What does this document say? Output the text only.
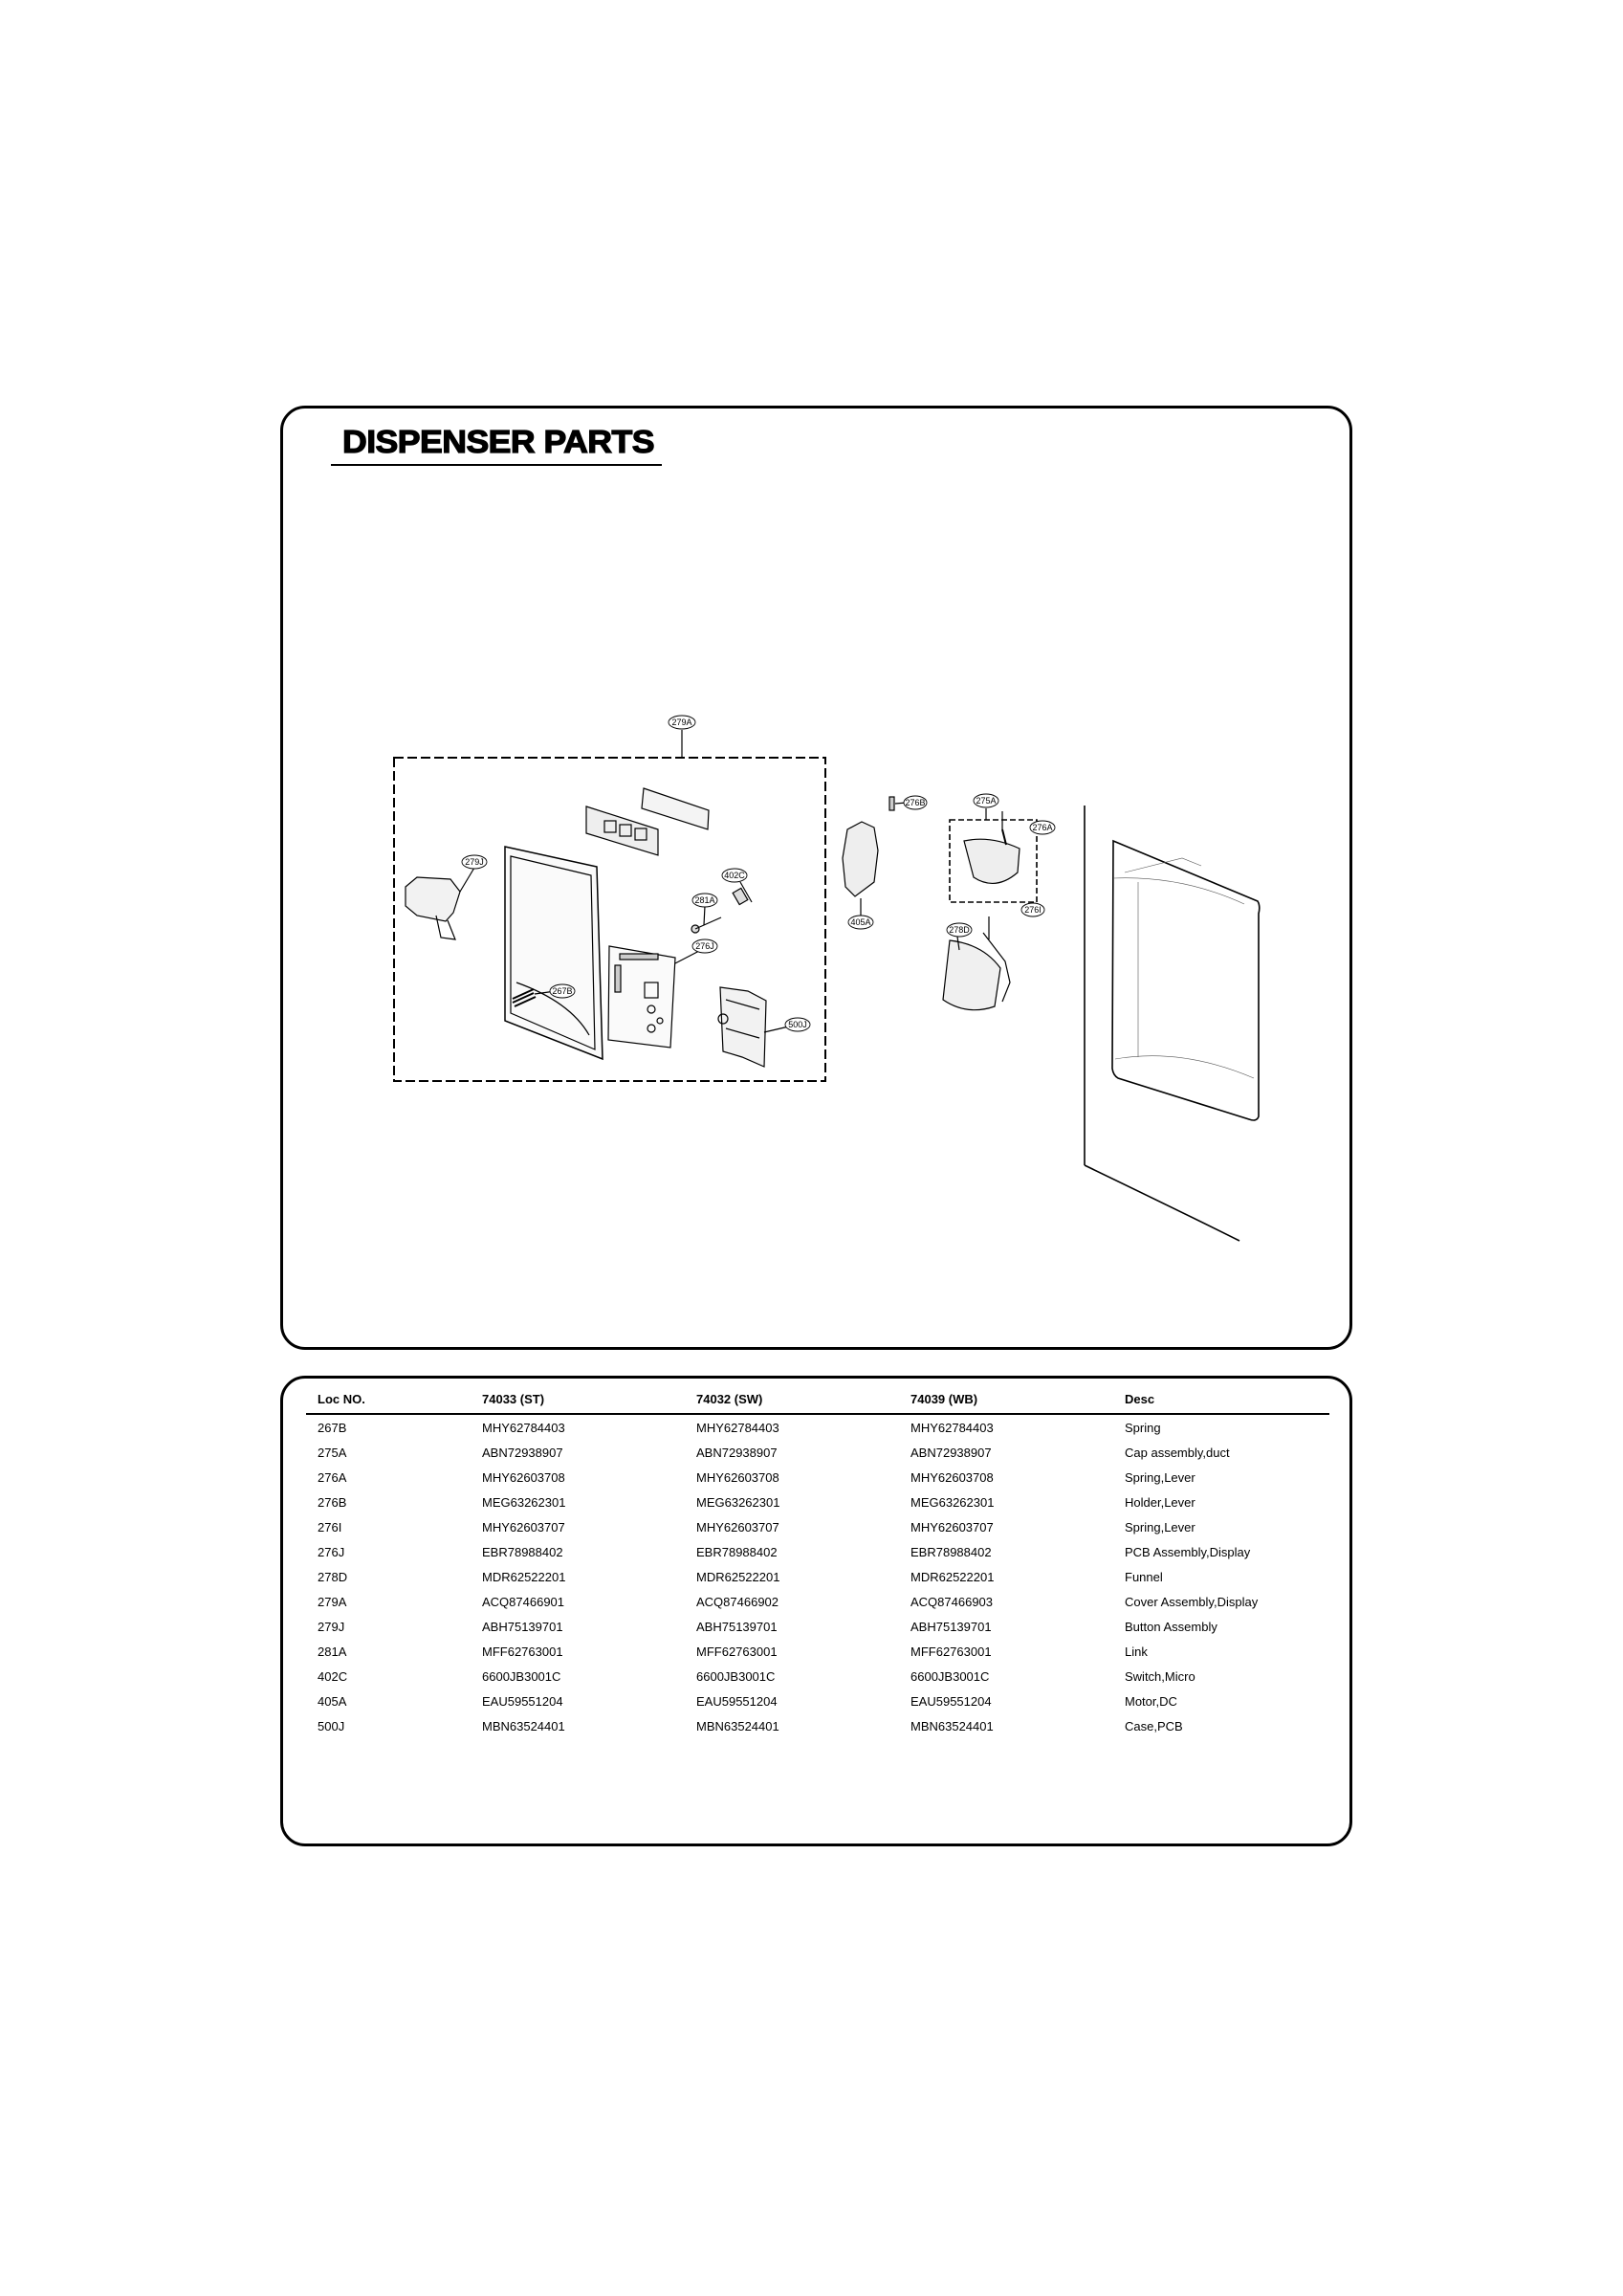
DISPENSER PARTS
279A
279J
267B
281A
402C
276J
500J
276B	275A
276A
405A
278D
276I
Loc NO.	74033 (ST)	74032 (SW)	74039 (WB)	Desc
267B	MHY62784403	MHY62784403	MHY62784403	Spring
275A	ABN72938907	ABN72938907	ABN72938907	Cap assembly,duct
276A	MHY62603708	MHY62603708	MHY62603708	Spring,Lever
276B	MEG63262301	MEG63262301	MEG63262301	Holder,Lever
276I	MHY62603707	MHY62603707	MHY62603707	Spring,Lever
276J	EBR78988402	EBR78988402	EBR78988402	PCB Assembly,Display
278D	MDR62522201	MDR62522201	MDR62522201	Funnel
279A	ACQ87466901	ACQ87466902	ACQ87466903	Cover Assembly,Display
279J	ABH75139701	ABH75139701	ABH75139701	Button Assembly
281A	MFF62763001	MFF62763001	MFF62763001	Link
402C	6600JB3001C	6600JB3001C	6600JB3001C	Switch,Micro
405A	EAU59551204	EAU59551204	EAU59551204	Motor,DC
500J	MBN63524401	MBN63524401	MBN63524401	Case,PCB
